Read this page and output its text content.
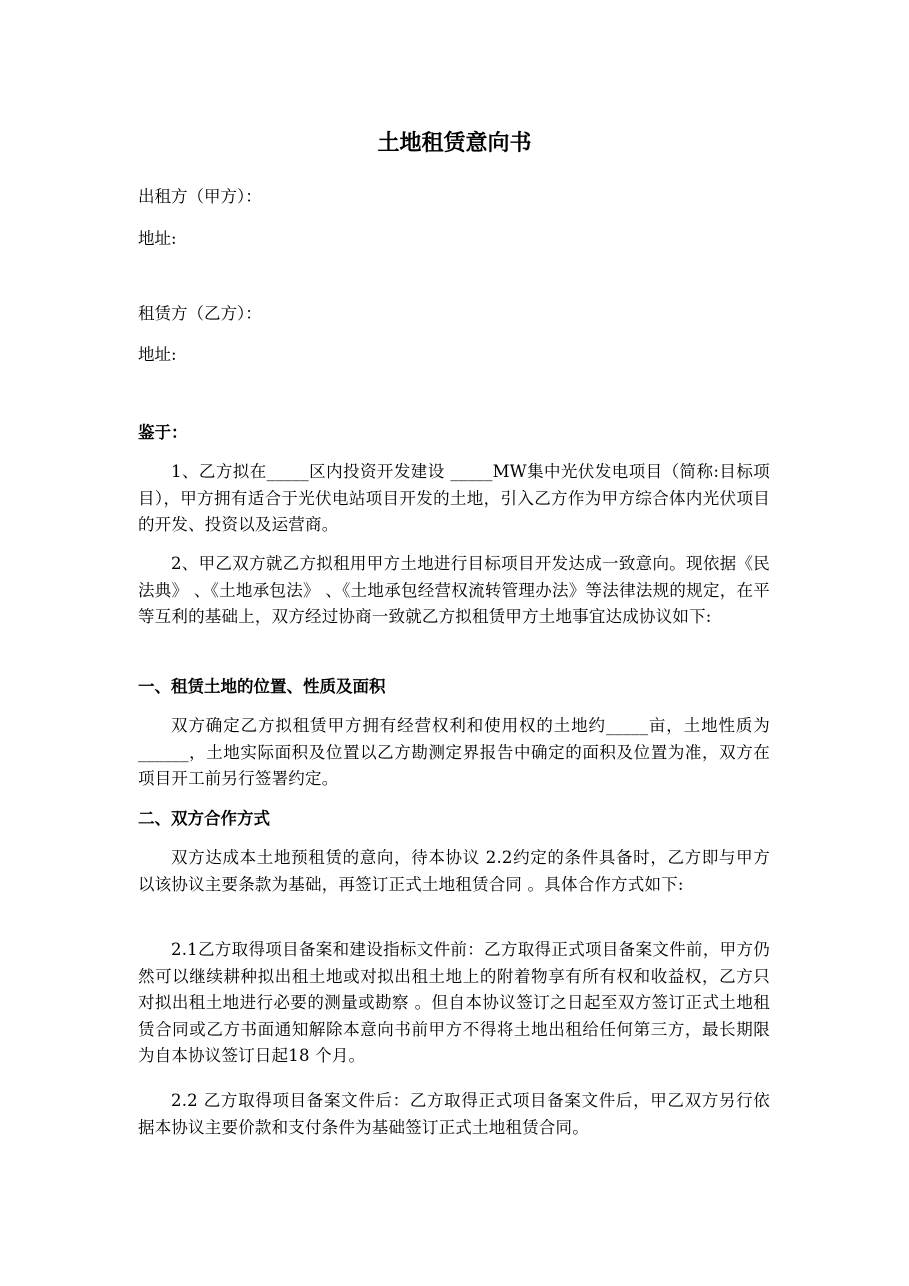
土地租赁意向书
出租方（甲方）：
地址:
租赁方（乙方）：
地址:
鉴于：
1、乙方拟在_____区内投资开发建设 _____MW集中光伏发电项目（简称:目标项目），甲方拥有适合于光伏电站项目开发的土地，引入乙方作为甲方综合体内光伏项目的开发、投资以及运营商。
2、甲乙双方就乙方拟租用甲方土地进行目标项目开发达成一致意向。现依据《民法典》 、《土地承包法》 、《土地承包经营权流转管理办法》等法律法规的规定，在平等互利的基础上，双方经过协商一致就乙方拟租赁甲方土地事宜达成协议如下:
一、租赁土地的位置、性质及面积
双方确定乙方拟租赁甲方拥有经营权利和使用权的土地约_____亩，土地性质为______，土地实际面积及位置以乙方勘测定界报告中确定的面积及位置为准，双方在项目开工前另行签署约定。
二、双方合作方式
双方达成本土地预租赁的意向，待本协议 2.2约定的条件具备时，乙方即与甲方以该协议主要条款为基础，再签订正式土地租赁合同 。具体合作方式如下:
2.1乙方取得项目备案和建设指标文件前：乙方取得正式项目备案文件前，甲方仍然可以继续耕种拟出租土地或对拟出租土地上的附着物享有所有权和收益权，乙方只对拟出租土地进行必要的测量或勘察 。但自本协议签订之日起至双方签订正式土地租赁合同或乙方书面通知解除本意向书前甲方不得将土地出租给任何第三方，最长期限为自本协议签订日起18 个月。
2.2 乙方取得项目备案文件后：乙方取得正式项目备案文件后，甲乙双方另行依据本协议主要价款和支付条件为基础签订正式土地租赁合同。
